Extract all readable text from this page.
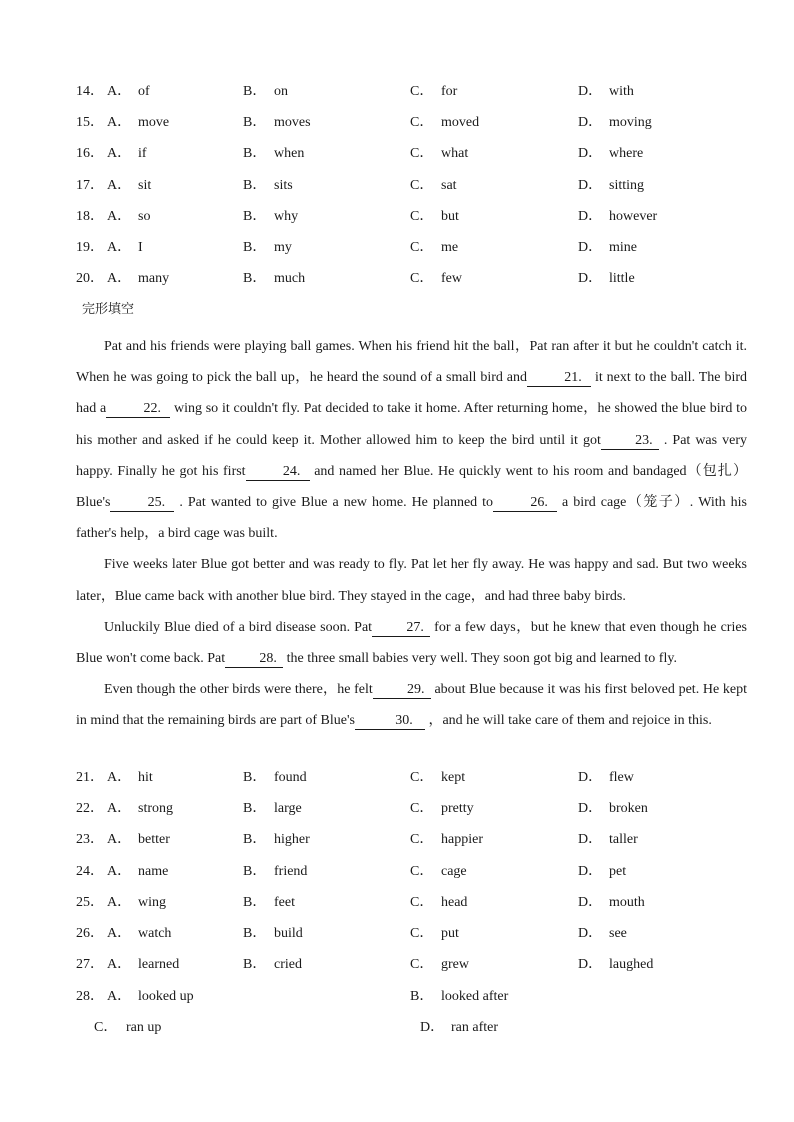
14． A． of	B． on	C． for	D． with
15． A． move	B． moves	C． moved	D． moving
16． A． if	B． when	C． what	D． where
17． A． sit	B． sits	C． sat	D． sitting
18． A． so	B． why	C． but	D． however
19． A． I	B． my	C． me	D． mine
20． A． many	B． much	C． few	D． little
完形填空

Pat and his friends were playing ball games. When his friend hit the ball，Pat ran after it but he couldn't catch it. When he was going to pick the ball up，he heard the sound of a small bird and	21. it next to the ball. The bird had a	22. wing so it couldn't fly. Pat decided to take it home. After returning home，he showed the blue bird to his mother and asked if he could keep it. Mother allowed him to keep the bird until it got 23. . Pat was very happy. Finally he got his first	24. and named her Blue. He quickly went to his room and bandaged（包扎）Blue's	25. . Pat wanted to give Blue a new home. He planned to	26. a bird cage（笼子）. With his father's help，a bird cage was built.

Five weeks later Blue got better and was ready to fly. Pat let her fly away. He was happy and sad. But two weeks later，Blue came back with another blue bird. They stayed in the cage，and had three baby birds.

Unluckily Blue died of a bird disease soon. Pat 27. for a few days，but he knew that even though he cries Blue won't come back. Pat 28. the three small babies very well. They soon got big and learned to fly.

Even though the other birds were there，he felt 29. about Blue because it was his first beloved pet. He kept in mind that the remaining birds are part of Blue's	30. ，and he will take care of them and rejoice in this.

21． A． hit	B． found	C． kept	D． flew
22． A． strong	B． large	C． pretty	D． broken
23． A． better	B． higher	C． happier	D． taller
24． A． name	B． friend	C． cage	D． pet
25． A． wing	B． feet	C． head	D． mouth
26． A． watch	B． build	C． put	D． see
27． A． learned	B． cried	C． grew	D． laughed
28． A． looked up	B． looked after
C． ran up	D． ran after
